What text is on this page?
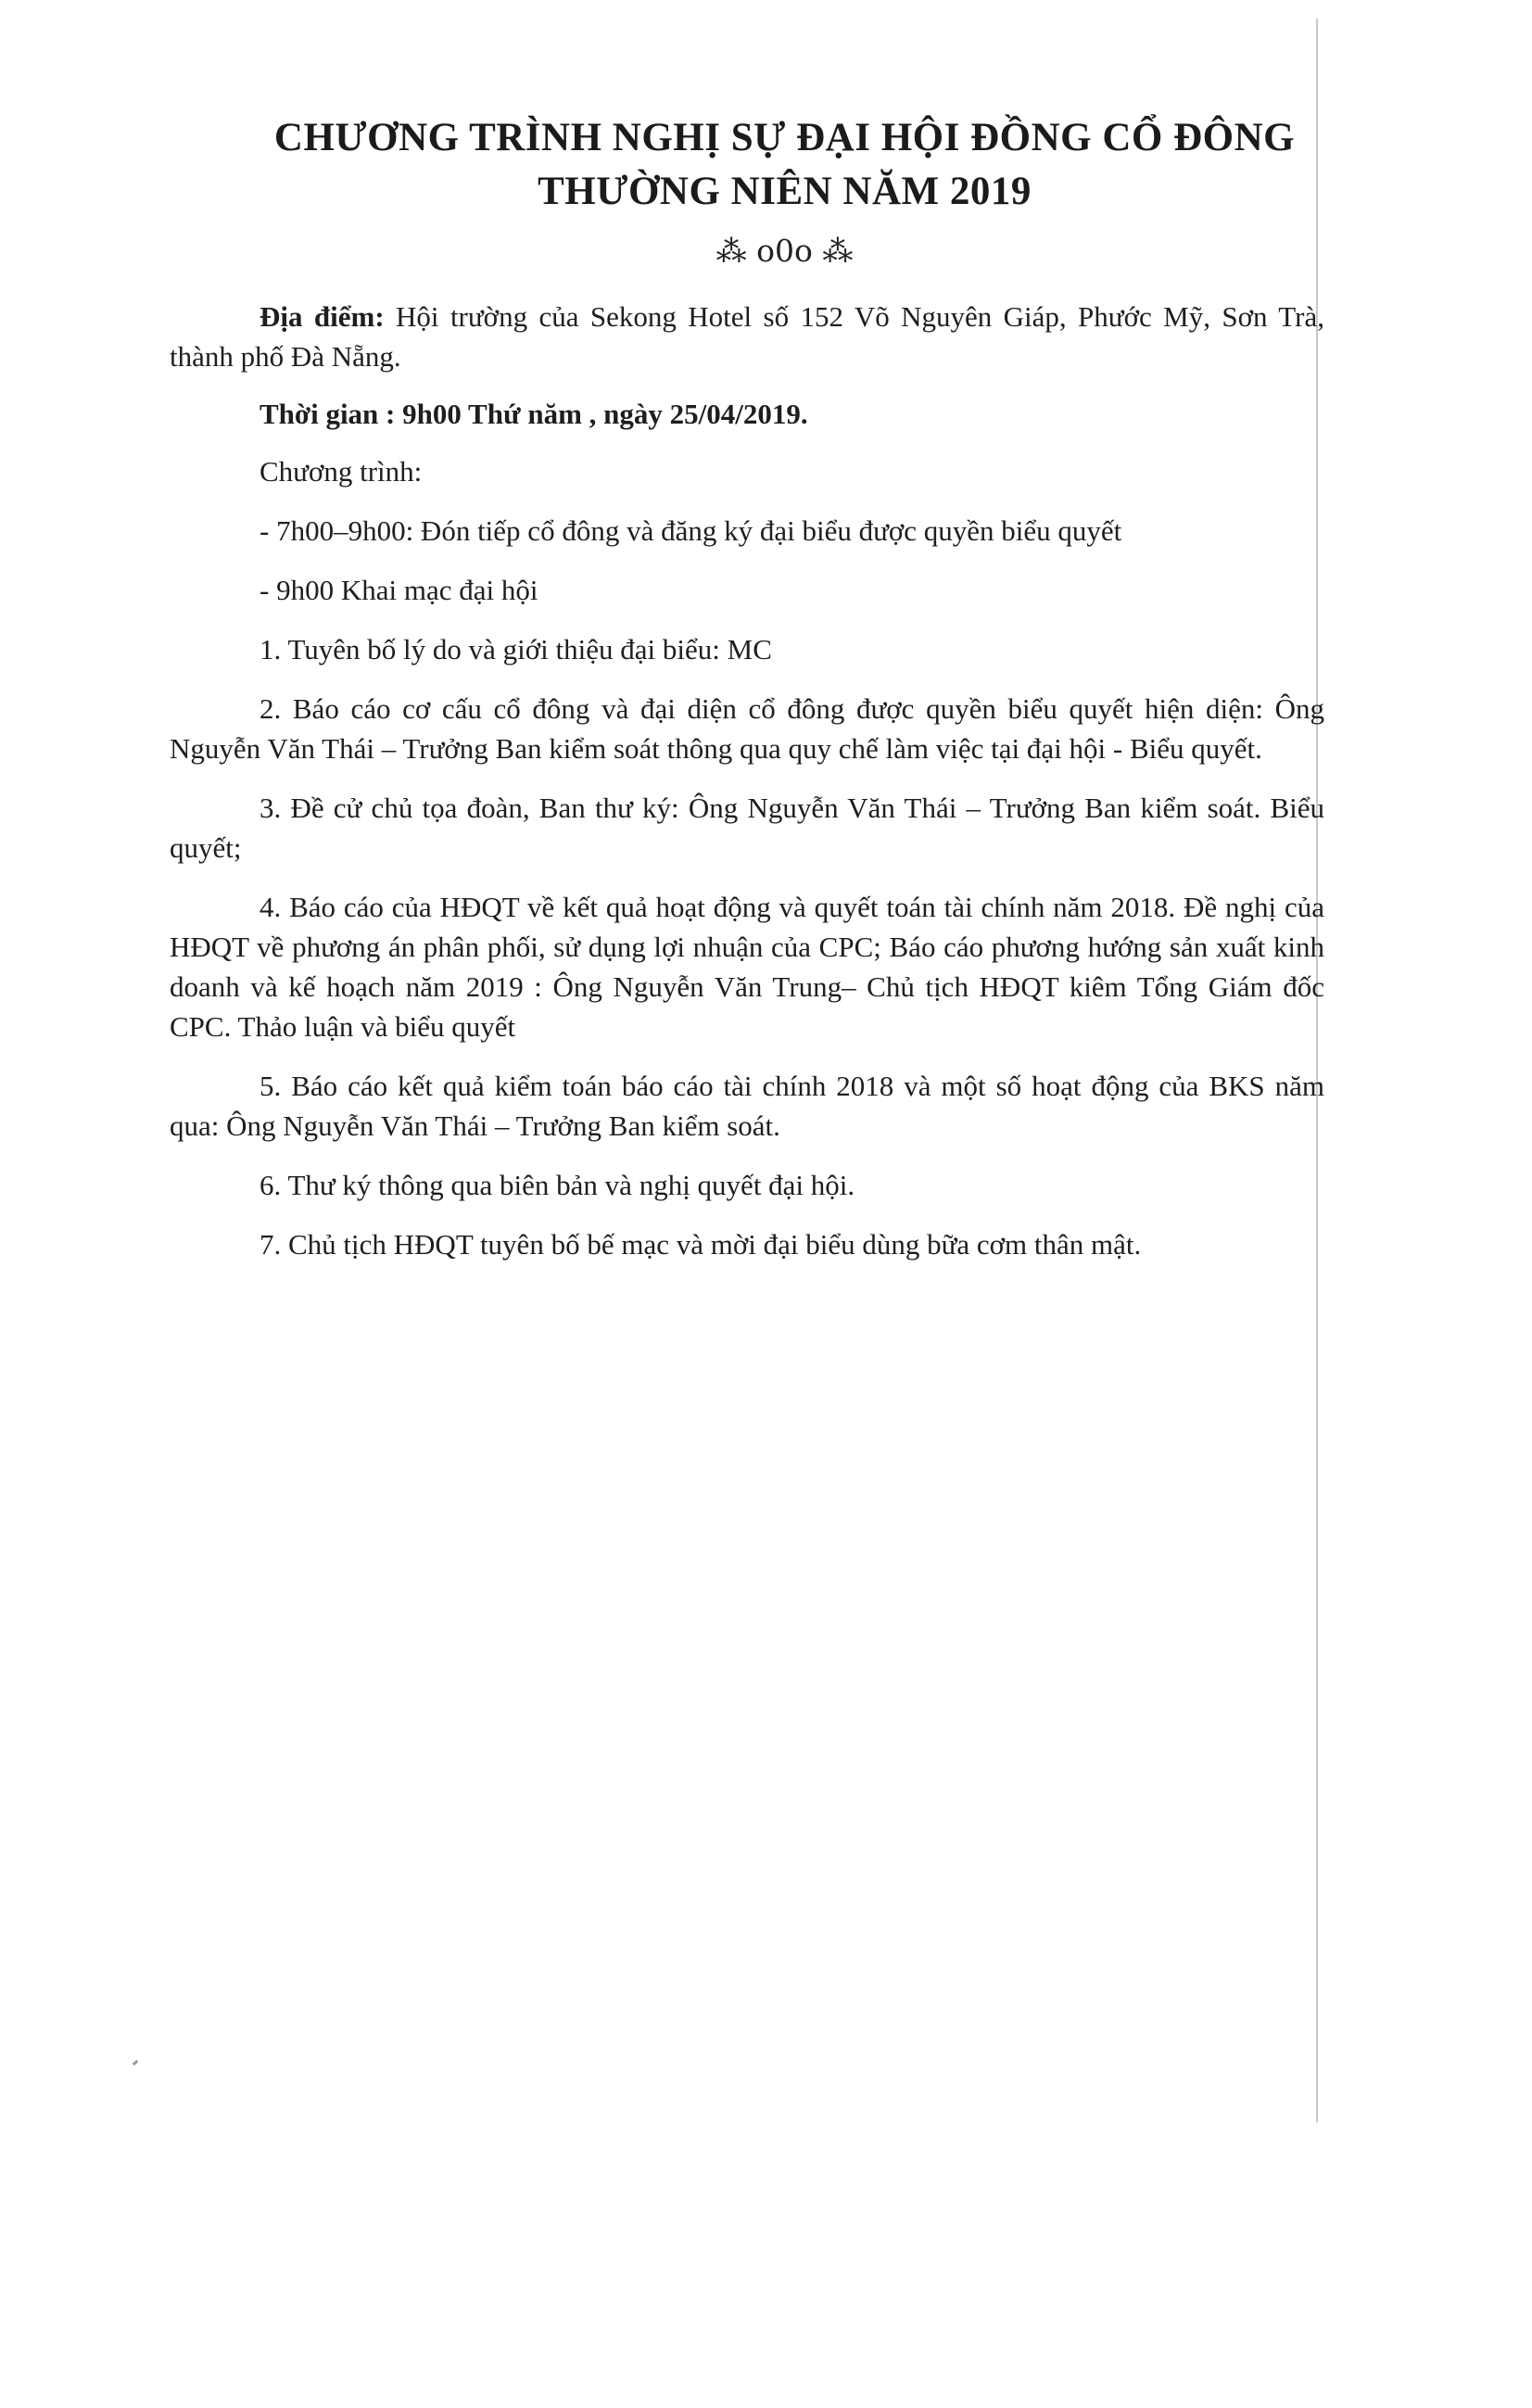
CHƯƠNG TRÌNH NGHỊ SỰ ĐẠI HỘI ĐỒNG CỔ ĐÔNG
THƯỜNG NIÊN NĂM 2019
⁂ o0o ⁂

Địa điểm: Hội trường của Sekong Hotel số 152 Võ Nguyên Giáp, Phước Mỹ, Sơn Trà, thành phố Đà Nẵng.

Thời gian : 9h00 Thứ năm , ngày 25/04/2019.

Chương trình:

- 7h00–9h00: Đón tiếp cổ đông và đăng ký đại biểu được quyền biểu quyết

- 9h00 Khai mạc đại hội

1. Tuyên bố lý do và giới thiệu đại biểu: MC

2. Báo cáo cơ cấu cổ đông và đại diện cổ đông được quyền biểu quyết hiện diện: Ông Nguyễn Văn Thái – Trưởng Ban kiểm soát thông qua quy chế làm việc tại đại hội - Biểu quyết.

3. Đề cử chủ tọa đoàn, Ban thư ký: Ông Nguyễn Văn Thái – Trưởng Ban kiểm soát. Biểu quyết;

4. Báo cáo của HĐQT về kết quả hoạt động và quyết toán tài chính năm 2018. Đề nghị của HĐQT về phương án phân phối, sử dụng lợi nhuận của CPC; Báo cáo phương hướng sản xuất kinh doanh và kế hoạch năm 2019 : Ông Nguyễn Văn Trung– Chủ tịch HĐQT kiêm Tổng Giám đốc CPC. Thảo luận và biểu quyết

5. Báo cáo kết quả kiểm toán báo cáo tài chính 2018 và một số hoạt động của BKS năm qua: Ông Nguyễn Văn Thái – Trưởng Ban kiểm soát.

6. Thư ký thông qua biên bản và nghị quyết đại hội.

7. Chủ tịch HĐQT tuyên bố bế mạc và mời đại biểu dùng bữa cơm thân mật.
